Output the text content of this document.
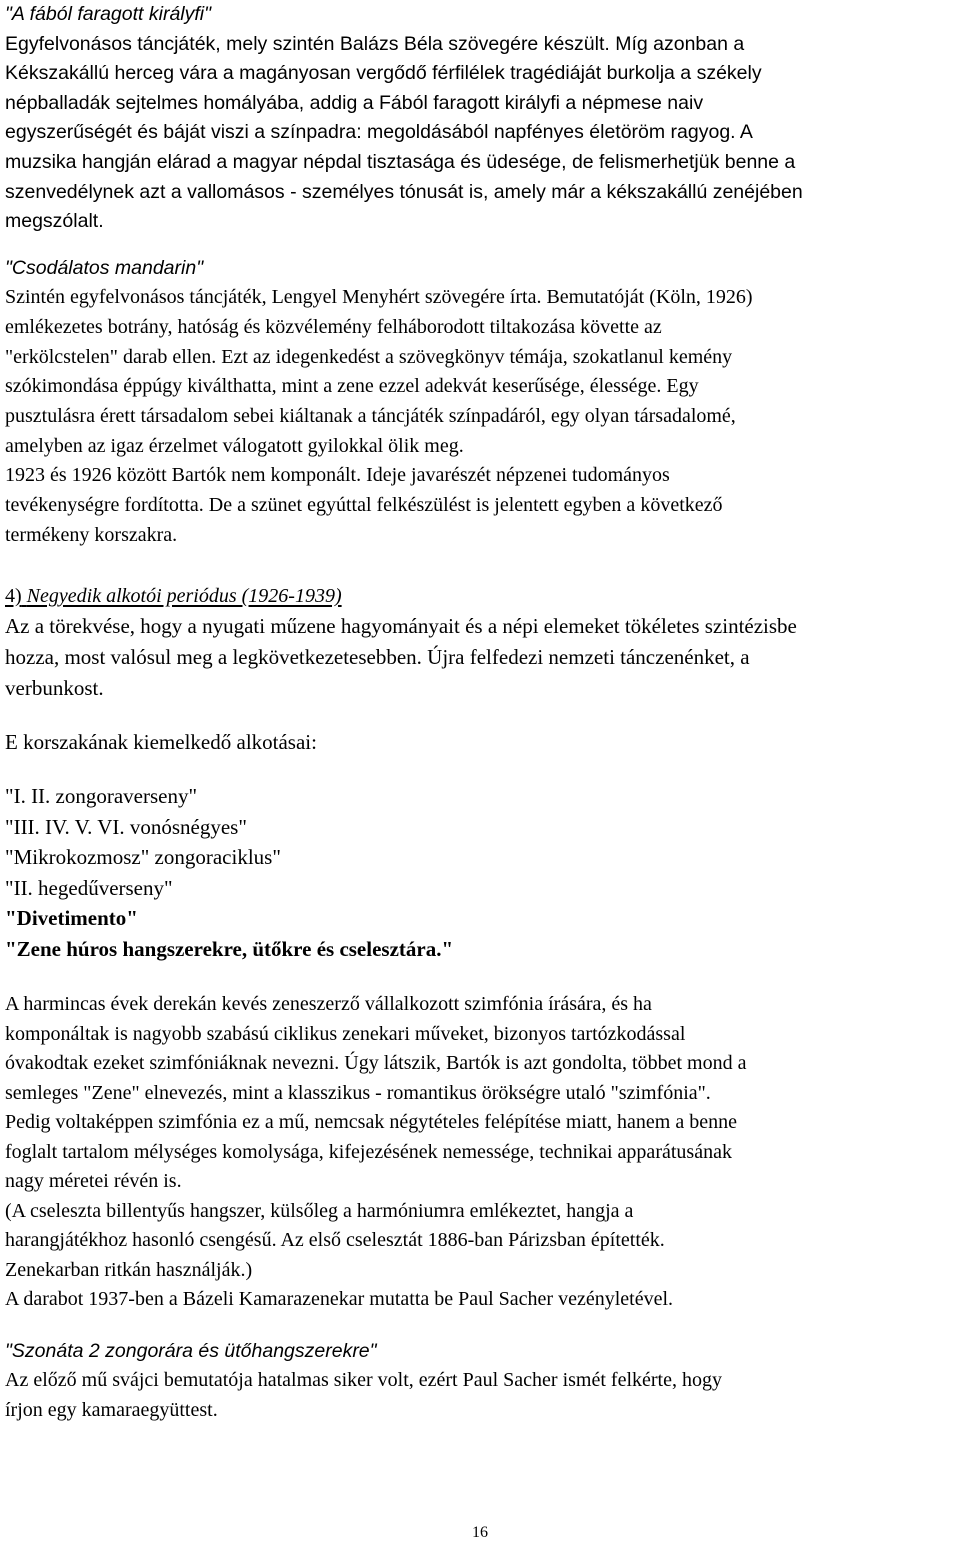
"A fából faragott királyfi"
Egyfelvonásos táncjáték, mely szintén Balázs Béla szövegére készült. Míg azonban a
Kékszakállú herceg vára a magányosan vergődő férfilélek tragédiáját burkolja a székely
népballadák sejtelmes homályába, addig a Fából faragott királyfi a népmese naiv
egyszerűségét és báját viszi a színpadra: megoldásából napfényes életöröm ragyog. A
muzsika hangján elárad a magyar népdal tisztasága és üdesége, de felismerhetjük benne a
szenvedélynek azt a vallomásos - személyes tónusát is, amely már a kékszakállú zenéjében
megszólalt.
"Csodálatos mandarin"
Szintén egyfelvonásos táncjáték, Lengyel Menyhért szövegére írta. Bemutatóját (Köln, 1926)
emlékezetes botrány, hatóság és közvélemény felháborodott tiltakozása követte az
"erkölcstelen" darab ellen. Ezt az idegenkedést a szövegkönyv témája, szokatlanul kemény
szókimondása éppúgy kiválthatta, mint a zene ezzel adekvát keserűsége, élessége. Egy
pusztulásra érett társadalom sebei kiáltanak a táncjáték színpadáról, egy olyan társadalomé,
amelyben az igaz érzelmet válogatott gyilokkal ölik meg.
1923 és 1926 között Bartók nem komponált. Ideje javarészét népzenei tudományos
tevékenységre fordította. De a szünet egyúttal felkészülést is jelentett egyben a következő
termékeny korszakra.
4) Negyedik alkotói periódus (1926-1939)
Az a törekvése, hogy a nyugati műzene hagyományait és a népi elemeket tökéletes szintézisbe
hozza, most valósul meg a legkövetkezetesebben. Újra felfedezi nemzeti tánczenénket, a
verbunkost.
E korszakának kiemelkedő alkotásai:
"I. II. zongoraverseny"
"III. IV. V. VI. vonósnégyes"
"Mikrokozmosz" zongoraciklus"
"II. hegedűverseny"
"Divetimento"
"Zene húros hangszerekre, ütőkre és cselesztára."
A harmincas évek derekán kevés zeneszerző vállalkozott szimfónia írására, és ha
komponáltak is nagyobb szabású ciklikus zenekari műveket, bizonyos tartózkodással
óvakodtak ezeket szimfóniáknak nevezni. Úgy látszik, Bartók is azt gondolta, többet mond a
semleges "Zene" elnevezés, mint a klasszikus - romantikus örökségre utaló "szimfónia".
Pedig voltaképpen szimfónia ez a mű, nemcsak négytételes felépítése miatt, hanem a benne
foglalt tartalom mélységes komolysága, kifejezésének nemessége, technikai apparátusának
nagy méretei révén is.
(A cseleszta billentyűs hangszer, külsőleg a harmóniumra emlékeztet, hangja a
harangjátékhoz hasonló csengésű. Az első cselesztát 1886-ban Párizsban építették.
Zenekarban ritkán használják.)
A darabot 1937-ben a Bázeli Kamarazenekar mutatta be Paul Sacher vezényletével.
"Szonáta 2 zongorára és ütőhangszerekre"
Az előző mű svájci bemutatója hatalmas siker volt, ezért Paul Sacher ismét felkérte, hogy
írjon egy kamaraegyüttest.
16
